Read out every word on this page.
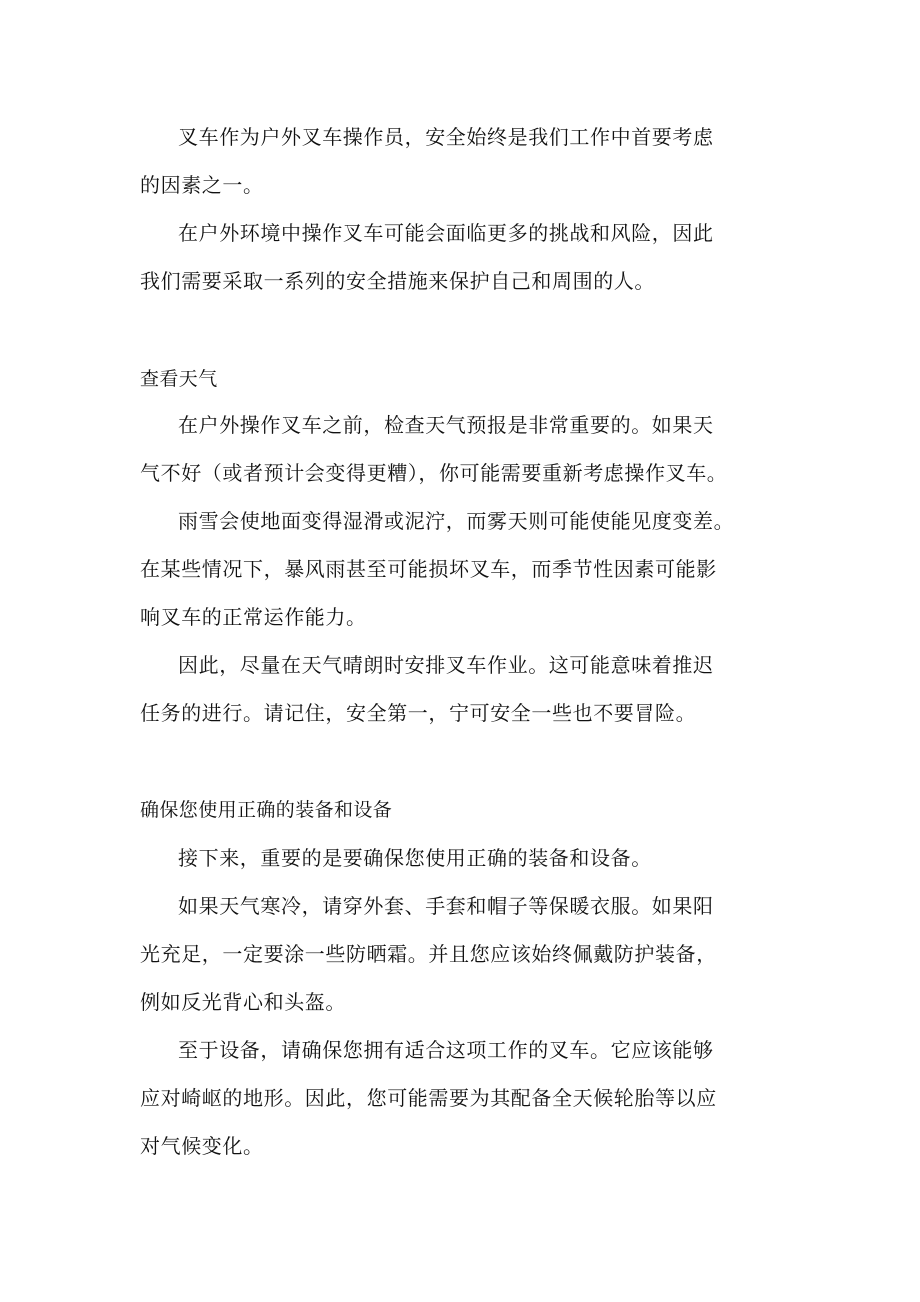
叉车作为户外叉车操作员，安全始终是我们工作中首要考虑
的因素之一。
在户外环境中操作叉车可能会面临更多的挑战和风险，因此
我们需要采取一系列的安全措施来保护自己和周围的人。
查看天气
在户外操作叉车之前，检查天气预报是非常重要的。如果天
气不好（或者预计会变得更糟），你可能需要重新考虑操作叉车。
雨雪会使地面变得湿滑或泥泞，而雾天则可能使能见度变差。
在某些情况下，暴风雨甚至可能损坏叉车，而季节性因素可能影
响叉车的正常运作能力。
因此，尽量在天气晴朗时安排叉车作业。这可能意味着推迟
任务的进行。请记住，安全第一，宁可安全一些也不要冒险。
确保您使用正确的装备和设备
接下来，重要的是要确保您使用正确的装备和设备。
如果天气寒冷，请穿外套、手套和帽子等保暖衣服。如果阳
光充足，一定要涂一些防晒霜。并且您应该始终佩戴防护装备，
例如反光背心和头盔。
至于设备，请确保您拥有适合这项工作的叉车。它应该能够
应对崎岖的地形。因此，您可能需要为其配备全天候轮胎等以应
对气候变化。
